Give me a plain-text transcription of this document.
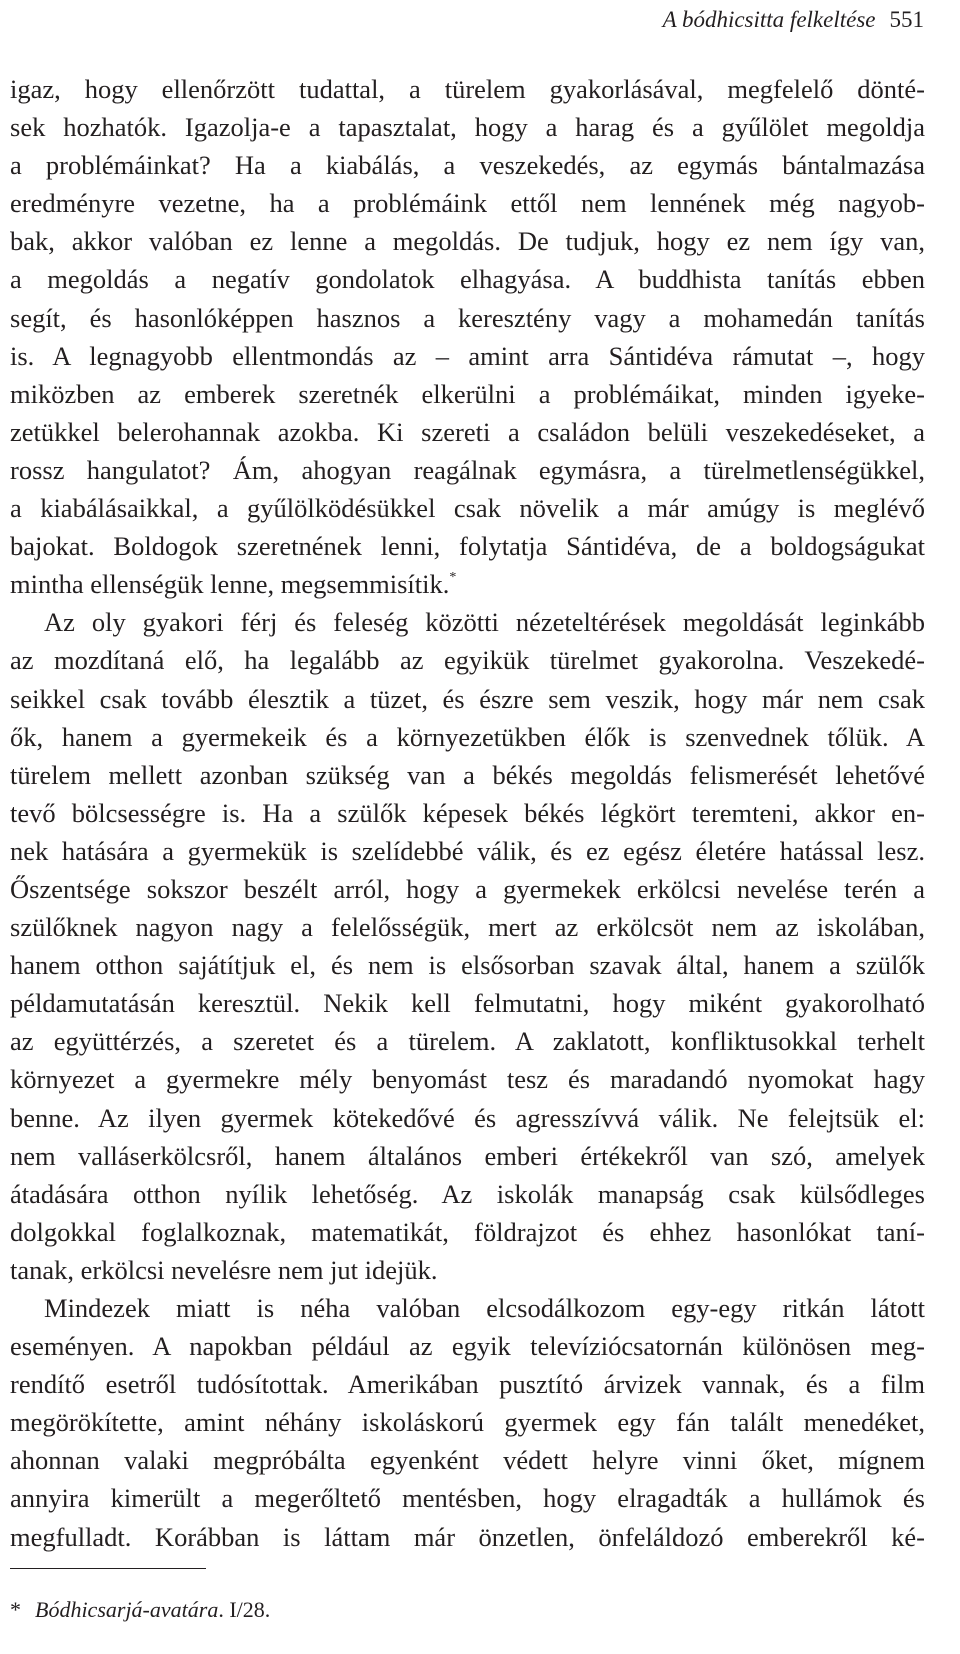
A bódhicsitta felkeltése 551
igaz, hogy ellenőrzött tudattal, a türelem gyakorlásával, megfelelő dönté-
sek hozhatók. Igazolja-e a tapasztalat, hogy a harag és a gyűlölet megoldja
a problémáinkat? Ha a kiabálás, a veszekedés, az egymás bántalmazása
eredményre vezetne, ha a problémáink ettől nem lennének még nagyob-
bak, akkor valóban ez lenne a megoldás. De tudjuk, hogy ez nem így van,
a megoldás a negatív gondolatok elhagyása. A buddhista tanítás ebben
segít, és hasonlóképpen hasznos a keresztény vagy a mohamedán tanítás
is. A legnagyobb ellentmondás az – amint arra Sántidéva rámutat –, hogy
miközben az emberek szeretnék elkerülni a problémáikat, minden igyeke-
zetükkel belerohannak azokba. Ki szereti a családon belüli veszekedéseket, a
rossz hangulatot? Ám, ahogyan reagálnak egymásra, a türelmetlenségükkel,
a kiabálásaikkal, a gyűlölködésükkel csak növelik a már amúgy is meglévő
bajokat. Boldogok szeretnének lenni, folytatja Sántidéva, de a boldogságukat
mintha ellenségük lenne, megsemmisítik.*
Az oly gyakori férj és feleség közötti nézeteltérések megoldását leginkább
az mozdítaná elő, ha legalább az egyikük türelmet gyakorolna. Veszekedé-
seikkel csak tovább élesztik a tüzet, és észre sem veszik, hogy már nem csak
ők, hanem a gyermekeik és a környezetükben élők is szenvednek tőlük. A
türelem mellett azonban szükség van a békés megoldás felismerését lehetővé
tevő bölcsességre is. Ha a szülők képesek békés légkört teremteni, akkor en-
nek hatására a gyermekük is szelídebbé válik, és ez egész életére hatással lesz.
Őszentsége sokszor beszélt arról, hogy a gyermekek erkölcsi nevelése terén a
szülőknek nagyon nagy a felelősségük, mert az erkölcsöt nem az iskolában,
hanem otthon sajátítjuk el, és nem is elsősorban szavak által, hanem a szülők
példamutatásán keresztül. Nekik kell felmutatni, hogy miként gyakorolható
az együttérzés, a szeretet és a türelem. A zaklatott, konfliktusokkal terhelt
környezet a gyermekre mély benyomást tesz és maradandó nyomokat hagy
benne. Az ilyen gyermek kötekedővé és agresszívvá válik. Ne felejtsük el:
nem valláserkölcsről, hanem általános emberi értékekről van szó, amelyek
átadására otthon nyílik lehetőség. Az iskolák manapság csak külsődleges
dolgokkal foglalkoznak, matematikát, földrajzot és ehhez hasonlókat taní-
tanak, erkölcsi nevelésre nem jut idejük.
Mindezek miatt is néha valóban elcsodálkozom egy-egy ritkán látott
eseményen. A napokban például az egyik televíziócsatornán különösen meg-
rendítő esetről tudósítottak. Amerikában pusztító árvizek vannak, és a film
megörökítette, amint néhány iskoláskorú gyermek egy fán talált menedéket,
ahonnan valaki megpróbálta egyenként védett helyre vinni őket, mígnem
annyira kimerült a megerőltető mentésben, hogy elragadták a hullámok és
megfulladt. Korábban is láttam már önzetlen, önfeláldozó emberekről ké-
* Bódhicsarjá-avatára. I/28.
